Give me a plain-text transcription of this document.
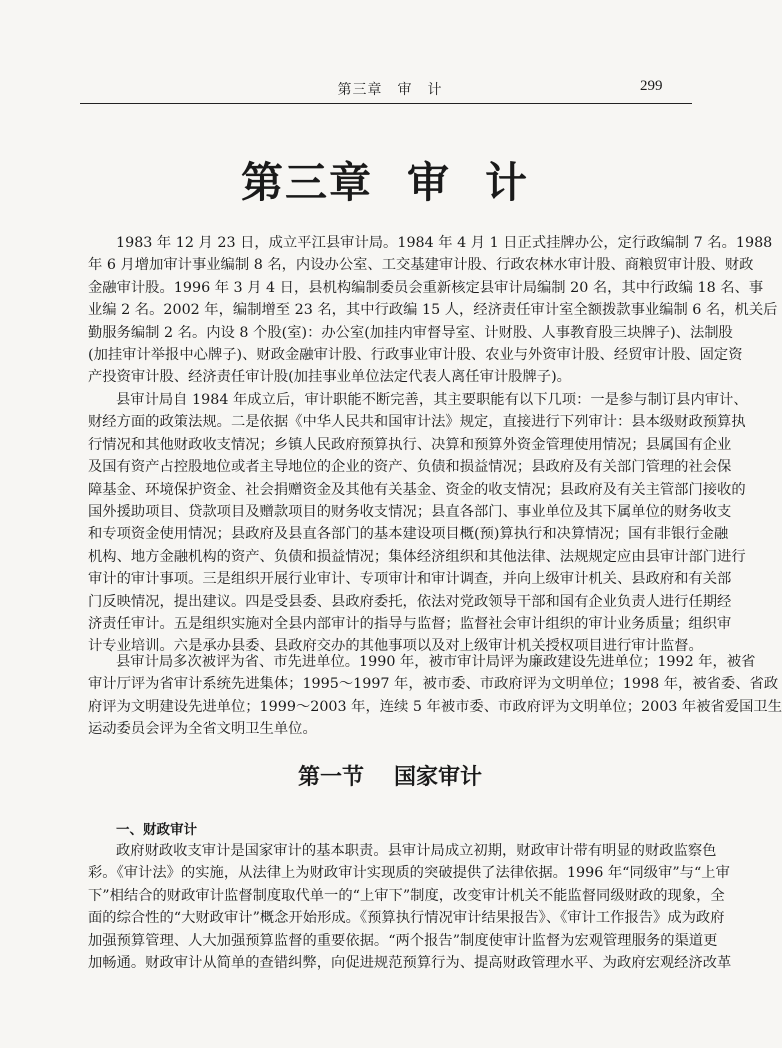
第三章　审　计	299
第三章 审 计
1983 年 12 月 23 日，成立平江县审计局。1984 年 4 月 1 日正式挂牌办公，定行政编制 7 名。1988
年 6 月增加审计事业编制 8 名，内设办公室、工交基建审计股、行政农林水审计股、商粮贸审计股、财政
金融审计股。1996 年 3 月 4 日，县机构编制委员会重新核定县审计局编制 20 名，其中行政编 18 名、事
业编 2 名。2002 年，编制增至 23 名，其中行政编 15 人，经济责任审计室全额拨款事业编制 6 名，机关后
勤服务编制 2 名。内设 8 个股(室)：办公室(加挂内审督导室、计财股、人事教育股三块牌子)、法制股
(加挂审计举报中心牌子)、财政金融审计股、行政事业审计股、农业与外资审计股、经贸审计股、固定资
产投资审计股、经济责任审计股(加挂事业单位法定代表人离任审计股牌子)。
县审计局自 1984 年成立后，审计职能不断完善，其主要职能有以下几项：一是参与制订县内审计、
财经方面的政策法规。二是依据《中华人民共和国审计法》规定，直接进行下列审计：县本级财政预算执
行情况和其他财政收支情况；乡镇人民政府预算执行、决算和预算外资金管理使用情况；县属国有企业
及国有资产占控股地位或者主导地位的企业的资产、负债和损益情况；县政府及有关部门管理的社会保
障基金、环境保护资金、社会捐赠资金及其他有关基金、资金的收支情况；县政府及有关主管部门接收的
国外援助项目、贷款项目及赠款项目的财务收支情况；县直各部门、事业单位及其下属单位的财务收支
和专项资金使用情况；县政府及县直各部门的基本建设项目概(预)算执行和决算情况；国有非银行金融
机构、地方金融机构的资产、负债和损益情况；集体经济组织和其他法律、法规规定应由县审计部门进行
审计的审计事项。三是组织开展行业审计、专项审计和审计调查，并向上级审计机关、县政府和有关部
门反映情况，提出建议。四是受县委、县政府委托，依法对党政领导干部和国有企业负责人进行任期经
济责任审计。五是组织实施对全县内部审计的指导与监督；监督社会审计组织的审计业务质量；组织审
计专业培训。六是承办县委、县政府交办的其他事项以及对上级审计机关授权项目进行审计监督。
县审计局多次被评为省、市先进单位。1990 年，被市审计局评为廉政建设先进单位；1992 年，被省
审计厅评为省审计系统先进集体；1995～1997 年，被市委、市政府评为文明单位；1998 年，被省委、省政
府评为文明建设先进单位；1999～2003 年，连续 5 年被市委、市政府评为文明单位；2003 年被省爱国卫生
运动委员会评为全省文明卫生单位。
第一节 国家审计
一、财政审计
政府财政收支审计是国家审计的基本职责。县审计局成立初期，财政审计带有明显的财政监察色
彩。《审计法》的实施，从法律上为财政审计实现质的突破提供了法律依据。1996 年“同级审”与“上审
下”相结合的财政审计监督制度取代单一的“上审下”制度，改变审计机关不能监督同级财政的现象，全
面的综合性的“大财政审计”概念开始形成。《预算执行情况审计结果报告》、《审计工作报告》成为政府
加强预算管理、人大加强预算监督的重要依据。“两个报告”制度使审计监督为宏观管理服务的渠道更
加畅通。财政审计从简单的查错纠弊，向促进规范预算行为、提高财政管理水平、为政府宏观经济改革
